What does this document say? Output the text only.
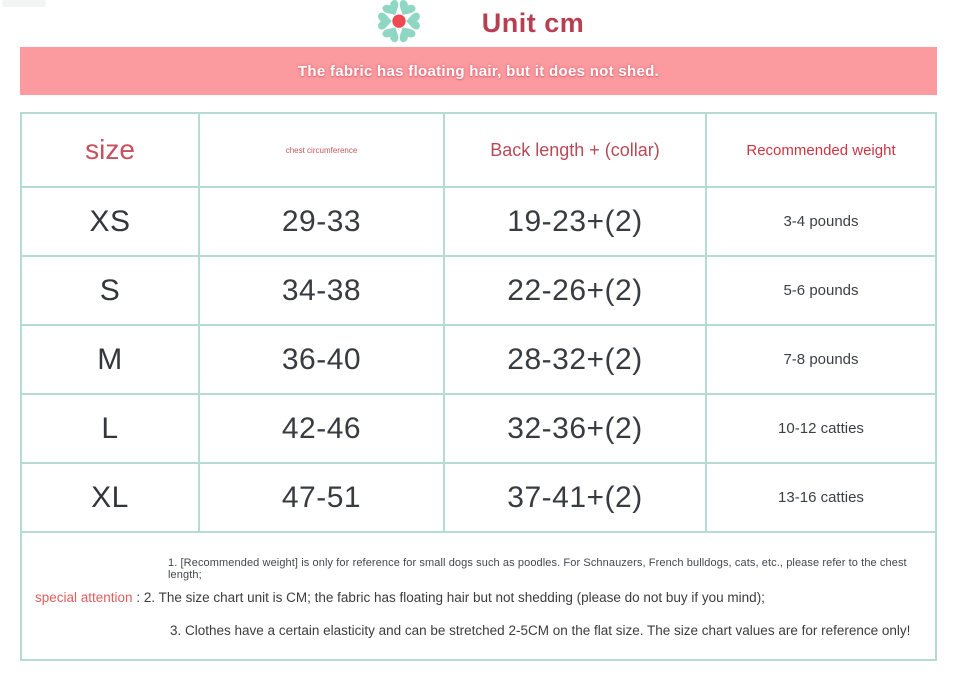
Unit cm
The fabric has floating hair, but it does not shed.
size	chest circumference	Back length + (collar)	Recommended weight
XS	29-33	19-23+(2)	3-4 pounds
S	34-38	22-26+(2)	5-6 pounds
M	36-40	28-32+(2)	7-8 pounds
L	42-46	32-36+(2)	10-12 catties
XL	47-51	37-41+(2)	13-16 catties
1. [Recommended weight] is only for reference for small dogs such as poodles. For Schnauzers, French bulldogs, cats, etc., please refer to the chest length;
special attention : 2. The size chart unit is CM; the fabric has floating hair but not shedding (please do not buy if you mind);
3. Clothes have a certain elasticity and can be stretched 2-5CM on the flat size. The size chart values are for reference only!
